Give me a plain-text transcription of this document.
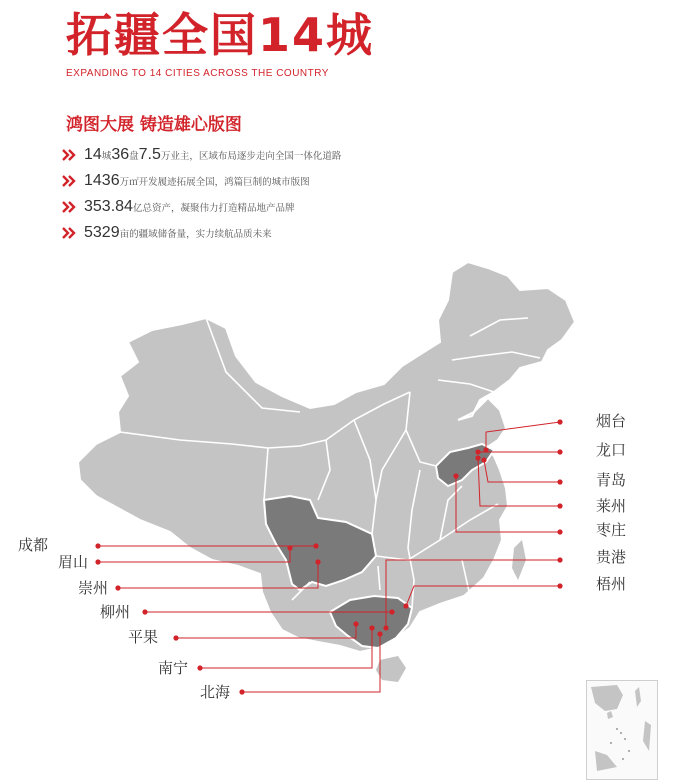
拓疆全国14城
EXPANDING TO 14 CITIES ACROSS THE COUNTRY
鸿图大展 铸造雄心版图
14 城 36 盘 7.5 万业主，区域布局逐步走向全国一体化道路
1436 万㎡开发履迹拓展全国，鸿篇巨制的城市版图
353.84 亿总资产，凝聚伟力打造精品地产品牌
5329 亩的疆域储备量，实力续航品质未来
烟台
龙口
青岛
莱州
枣庄
贵港
梧州
成都
眉山
崇州
柳州
平果
南宁
北海
